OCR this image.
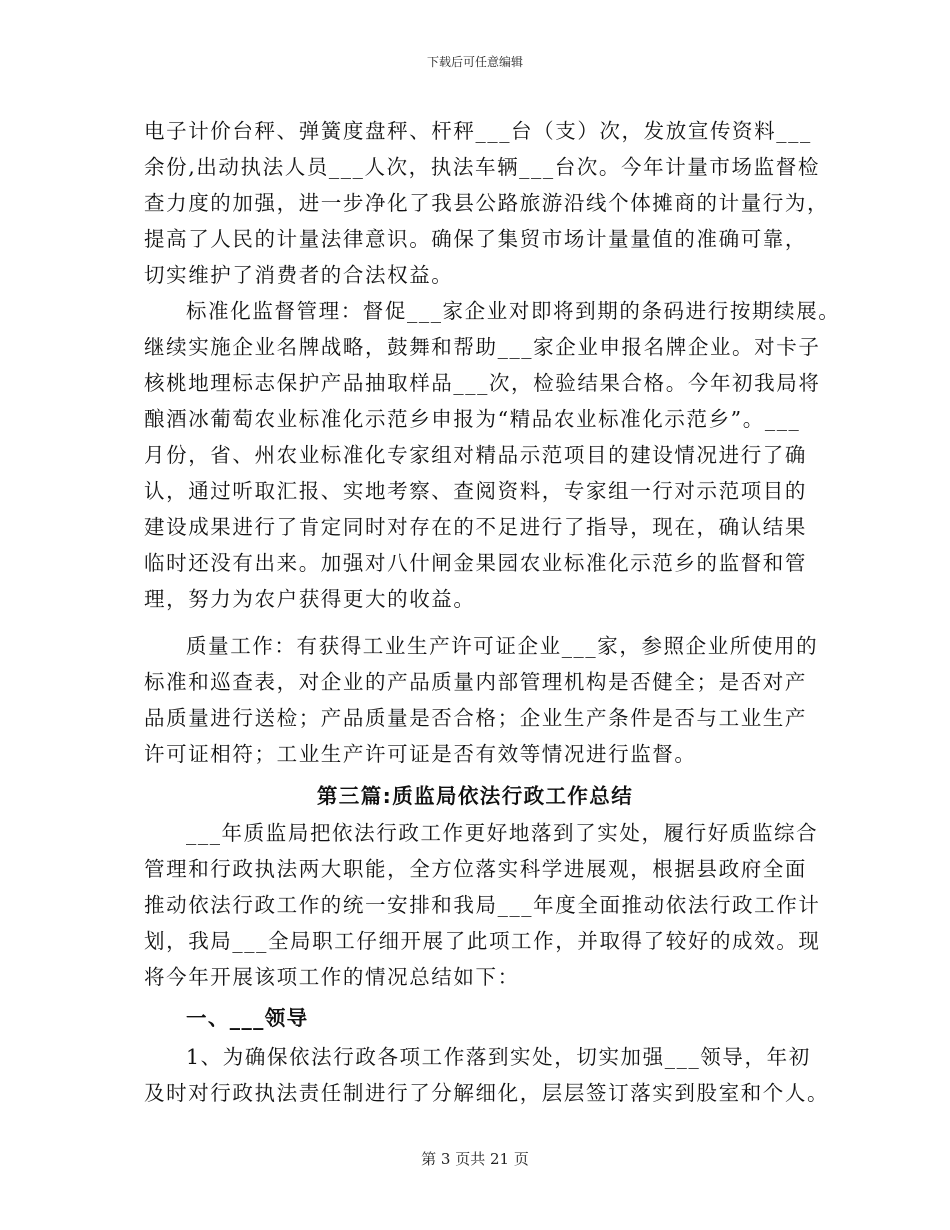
下载后可任意编辑
电子计价台秤、弹簧度盘秤、杆秤___台（支）次，发放宣传资料___
余份,出动执法人员___人次，执法车辆___台次。今年计量市场监督检
查力度的加强，进一步净化了我县公路旅游沿线个体摊商的计量行为，
提高了人民的计量法律意识。确保了集贸市场计量量值的准确可靠，
切实维护了消费者的合法权益。
标准化监督管理：督促___家企业对即将到期的条码进行按期续展。
继续实施企业名牌战略，鼓舞和帮助___家企业申报名牌企业。对卡子
核桃地理标志保护产品抽取样品___次，检验结果合格。今年初我局将
酿酒冰葡萄农业标准化示范乡申报为“精品农业标准化示范乡”。___
月份，省、州农业标准化专家组对精品示范项目的建设情况进行了确
认，通过听取汇报、实地考察、查阅资料，专家组一行对示范项目的
建设成果进行了肯定同时对存在的不足进行了指导，现在，确认结果
临时还没有出来。加强对八什闸金果园农业标准化示范乡的监督和管
理，努力为农户获得更大的收益。
质量工作：有获得工业生产许可证企业___家，参照企业所使用的
标准和巡查表，对企业的产品质量内部管理机构是否健全；是否对产
品质量进行送检；产品质量是否合格；企业生产条件是否与工业生产
许可证相符；工业生产许可证是否有效等情况进行监督。
第三篇:质监局依法行政工作总结
___年质监局把依法行政工作更好地落到了实处，履行好质监综合
管理和行政执法两大职能，全方位落实科学进展观，根据县政府全面
推动依法行政工作的统一安排和我局___年度全面推动依法行政工作计
划，我局___全局职工仔细开展了此项工作，并取得了较好的成效。现
将今年开展该项工作的情况总结如下：
一、___领导
1、为确保依法行政各项工作落到实处，切实加强___领导，年初
及时对行政执法责任制进行了分解细化，层层签订落实到股室和个人。
第 3 页共 21 页
